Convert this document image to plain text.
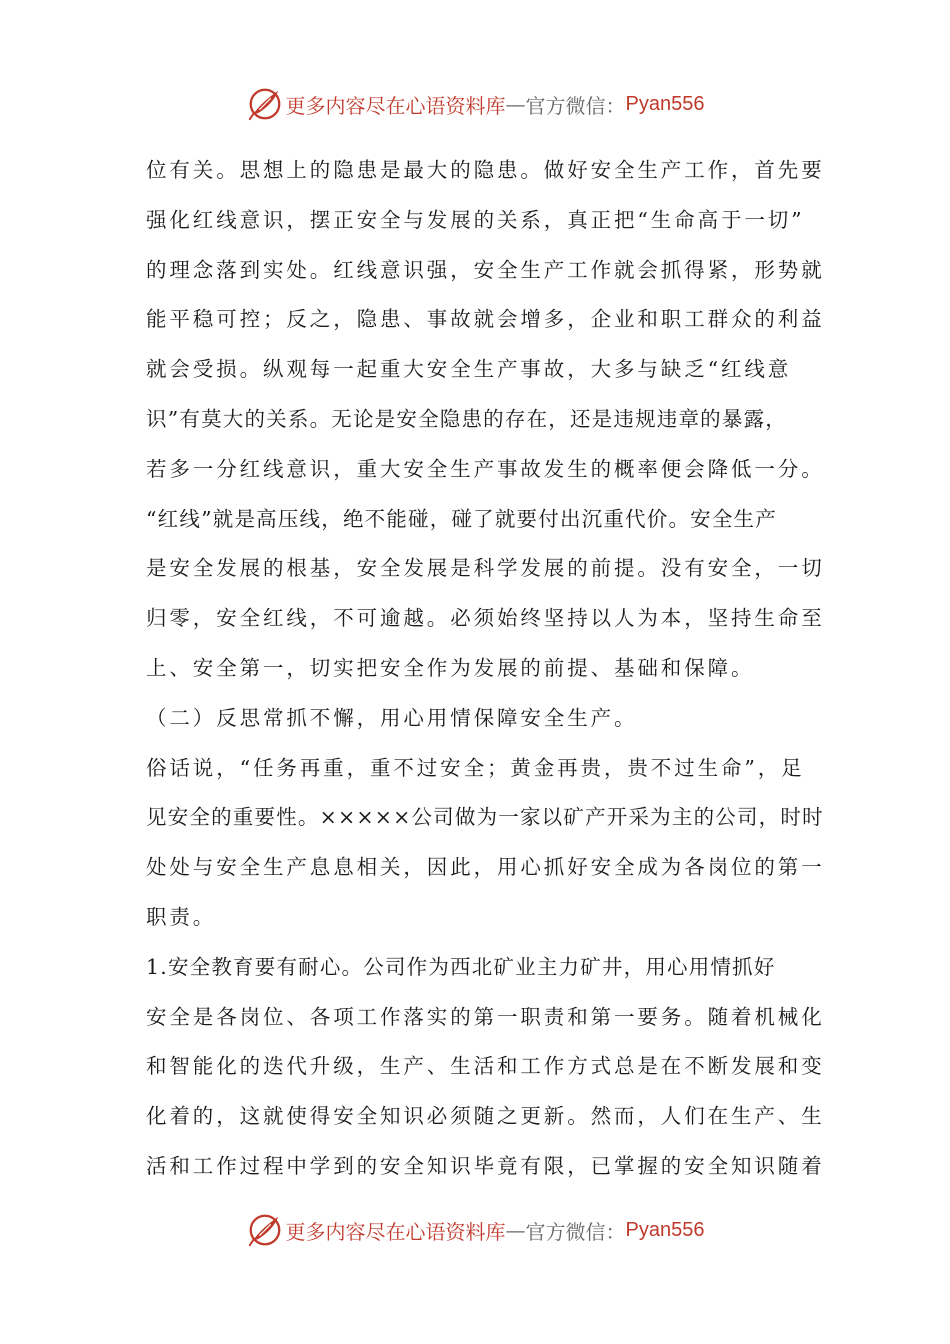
更多内容尽在心语资料库 — 官方微信： Pyan556
位有关。思想上的隐患是最大的隐患。做好安全生产工作，首先要
强化红线意识，摆正安全与发展的关系，真正把“生命高于一切”
的理念落到实处。红线意识强，安全生产工作就会抓得紧，形势就
能平稳可控；反之，隐患、事故就会增多，企业和职工群众的利益
就会受损。纵观每一起重大安全生产事故，大多与缺乏“红线意
识”有莫大的关系。无论是安全隐患的存在，还是违规违章的暴露，
若多一分红线意识，重大安全生产事故发生的概率便会降低一分。
“红线”就是高压线，绝不能碰，碰了就要付出沉重代价。安全生产
是安全发展的根基，安全发展是科学发展的前提。没有安全，一切
归零，安全红线，不可逾越。必须始终坚持以人为本，坚持生命至
上、安全第一，切实把安全作为发展的前提、基础和保障。
（二）反思常抓不懈，用心用情保障安全生产。
俗话说，“任务再重，重不过安全；黄金再贵，贵不过生命”，足
见安全的重要性。×××××公司做为一家以矿产开采为主的公司，时时
处处与安全生产息息相关，因此，用心抓好安全成为各岗位的第一
职责。
1.安全教育要有耐心。公司作为西北矿业主力矿井，用心用情抓好
安全是各岗位、各项工作落实的第一职责和第一要务。随着机械化
和智能化的迭代升级，生产、生活和工作方式总是在不断发展和变
化着的，这就使得安全知识必须随之更新。然而，人们在生产、生
活和工作过程中学到的安全知识毕竟有限，已掌握的安全知识随着
更多内容尽在心语资料库 — 官方微信： Pyan556
